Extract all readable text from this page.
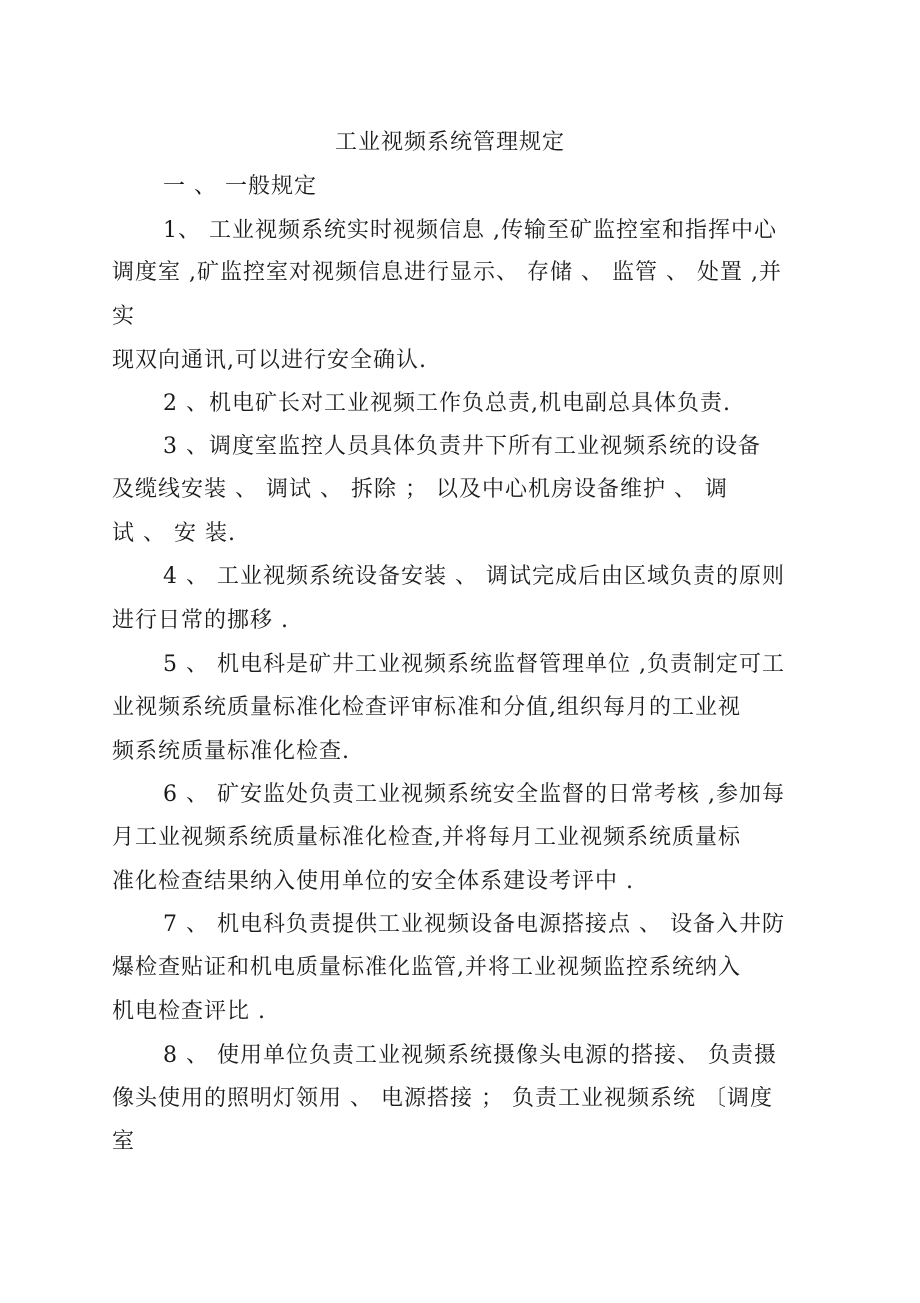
工业视频系统管理规定
一 、 一般规定
1、 工业视频系统实时视频信息 ,传输至矿监控室和指挥中心
调度室 ,矿监控室对视频信息进行显示、 存储 、 监管 、 处置 ,并
实
现双向通讯,可以进行安全确认.
2 、机电矿长对工业视频工作负总责,机电副总具体负责.
3 、调度室监控人员具体负责井下所有工业视频系统的设备
及缆线安装 、 调试 、 拆除 ； 以及中心机房设备维护 、 调
试 、 安 装.
4 、 工业视频系统设备安装 、 调试完成后由区域负责的原则
进行日常的挪移 .
5 、 机电科是矿井工业视频系统监督管理单位 ,负责制定可工
业视频系统质量标准化检查评审标准和分值,组织每月的工业视
频系统质量标准化检查.
6 、 矿安监处负责工业视频系统安全监督的日常考核 ,参加每
月工业视频系统质量标准化检查,并将每月工业视频系统质量标
准化检查结果纳入使用单位的安全体系建设考评中 .
7 、 机电科负责提供工业视频设备电源搭接点 、 设备入井防
爆检查贴证和机电质量标准化监管,并将工业视频监控系统纳入
机电检查评比 .
8 、 使用单位负责工业视频系统摄像头电源的搭接、 负责摄
像头使用的照明灯领用 、 电源搭接 ； 负责工业视频系统 〔调度
室
